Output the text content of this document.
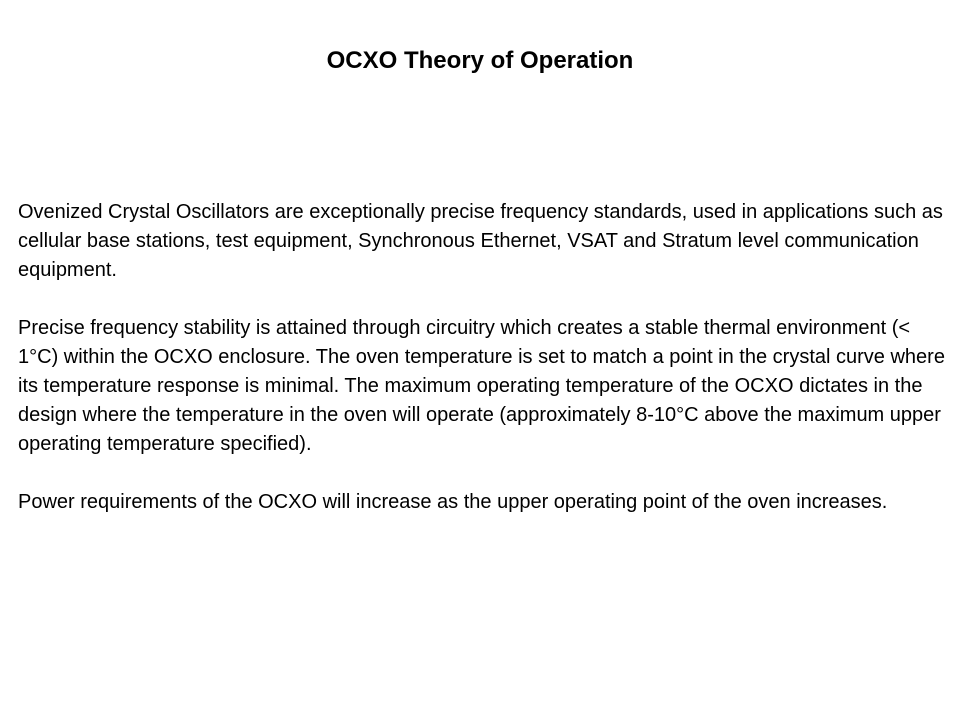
OCXO Theory of Operation

Ovenized Crystal Oscillators are exceptionally precise frequency standards, used in applications such as cellular base stations, test equipment, Synchronous Ethernet, VSAT and Stratum level communication equipment.

Precise frequency stability is attained through circuitry which creates a stable thermal environment (< 1°C) within the OCXO enclosure. The oven temperature is set to match a point in the crystal curve where its temperature response is minimal. The maximum operating temperature of the OCXO dictates in the design where the temperature in the oven will operate (approximately 8-10°C above the maximum upper operating temperature specified).

Power requirements of the OCXO will increase as the upper operating point of the oven increases.
